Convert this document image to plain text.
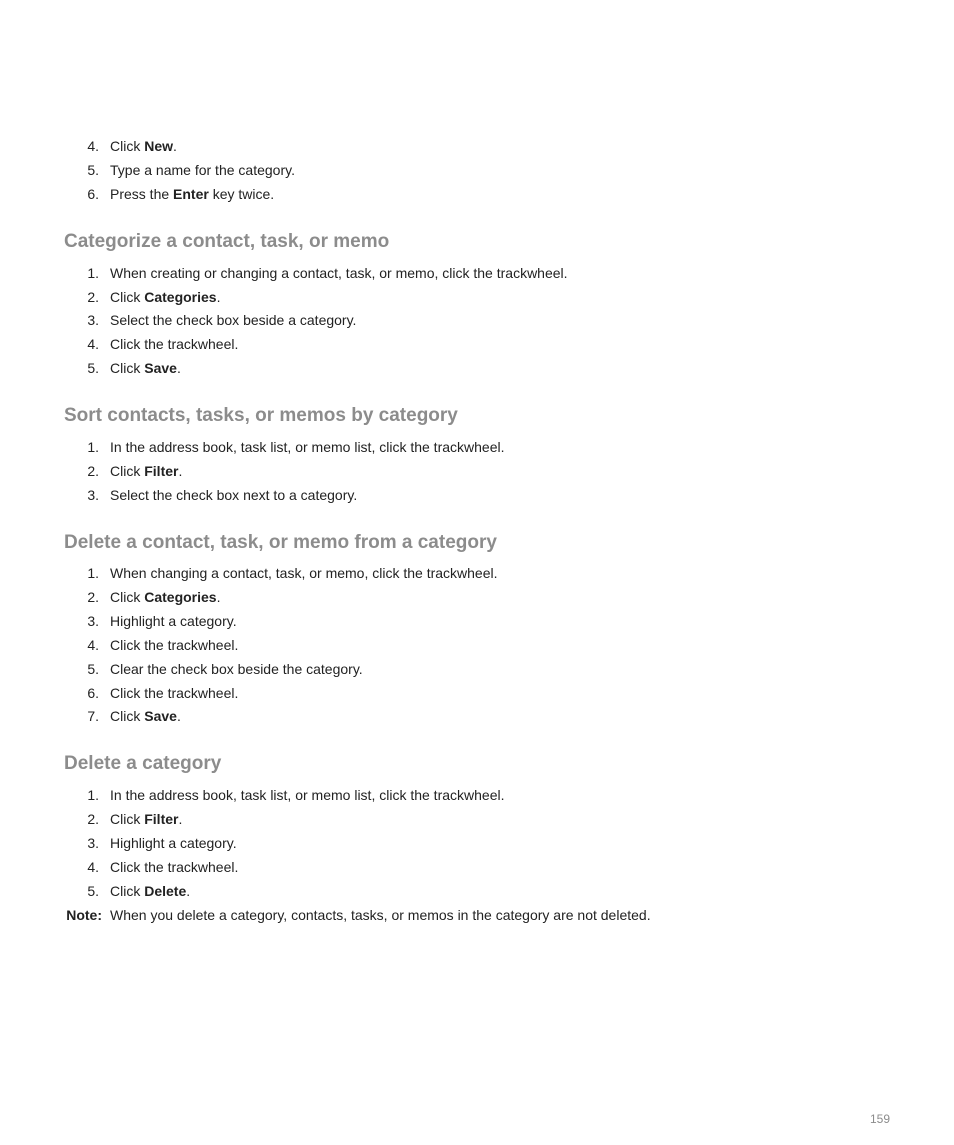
4. Click New.
5. Type a name for the category.
6. Press the Enter key twice.
Categorize a contact, task, or memo
1. When creating or changing a contact, task, or memo, click the trackwheel.
2. Click Categories.
3. Select the check box beside a category.
4. Click the trackwheel.
5. Click Save.
Sort contacts, tasks, or memos by category
1. In the address book, task list, or memo list, click the trackwheel.
2. Click Filter.
3. Select the check box next to a category.
Delete a contact, task, or memo from a category
1. When changing a contact, task, or memo, click the trackwheel.
2. Click Categories.
3. Highlight a category.
4. Click the trackwheel.
5. Clear the check box beside the category.
6. Click the trackwheel.
7. Click Save.
Delete a category
1. In the address book, task list, or memo list, click the trackwheel.
2. Click Filter.
3. Highlight a category.
4. Click the trackwheel.
5. Click Delete.
Note: When you delete a category, contacts, tasks, or memos in the category are not deleted.
159
